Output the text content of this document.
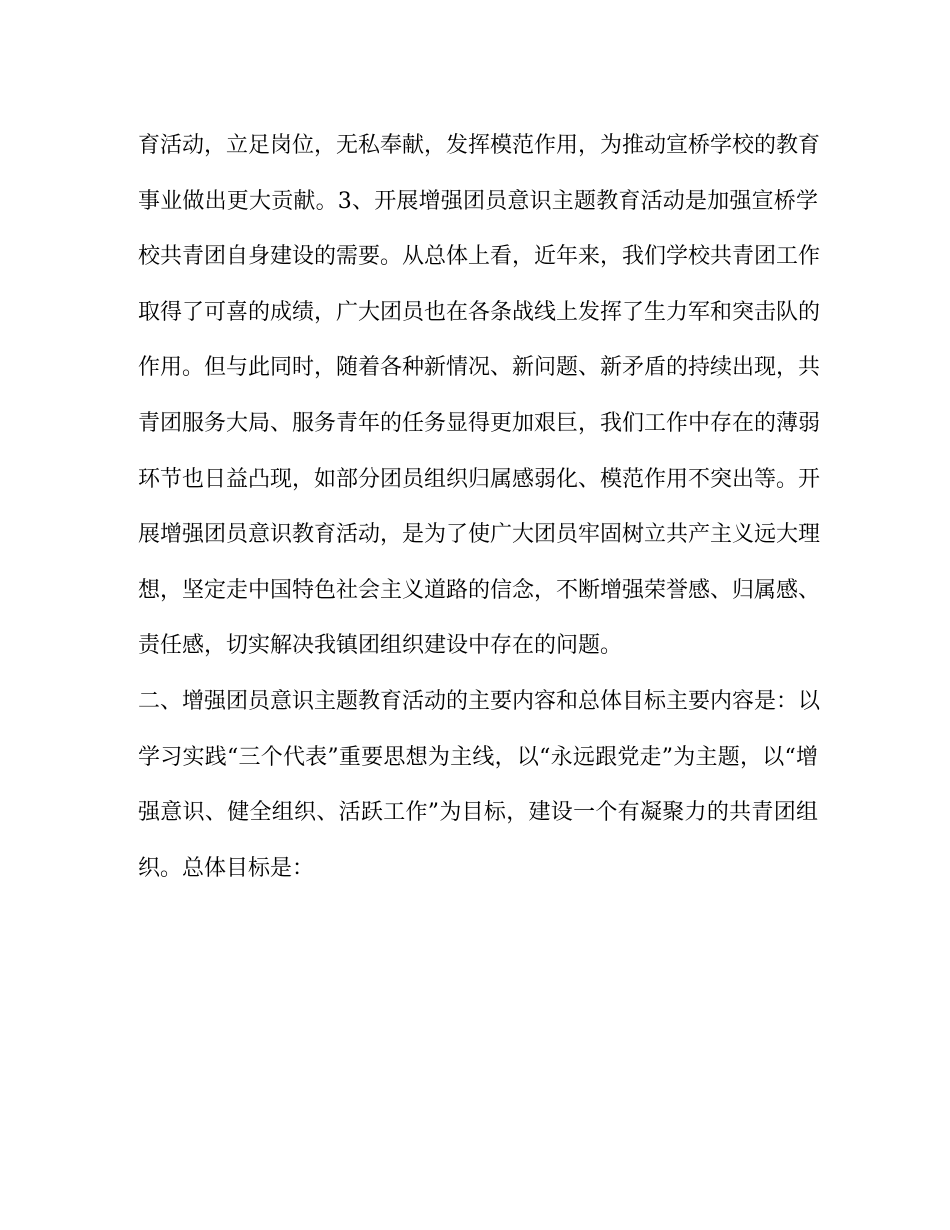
育活动，立足岗位，无私奉献，发挥模范作用，为推动宣桥学校的教育
事业做出更大贡献。3、开展增强团员意识主题教育活动是加强宣桥学
校共青团自身建设的需要。从总体上看，近年来，我们学校共青团工作
取得了可喜的成绩，广大团员也在各条战线上发挥了生力军和突击队的
作用。但与此同时，随着各种新情况、新问题、新矛盾的持续出现，共
青团服务大局、服务青年的任务显得更加艰巨，我们工作中存在的薄弱
环节也日益凸现，如部分团员组织归属感弱化、模范作用不突出等。开
展增强团员意识教育活动，是为了使广大团员牢固树立共产主义远大理
想，坚定走中国特色社会主义道路的信念，不断增强荣誉感、归属感、
责任感，切实解决我镇团组织建设中存在的问题。
二、增强团员意识主题教育活动的主要内容和总体目标主要内容是：以
学习实践“三个代表”重要思想为主线，以“永远跟党走”为主题，以“增
强意识、健全组织、活跃工作”为目标，建设一个有凝聚力的共青团组
织。总体目标是：
